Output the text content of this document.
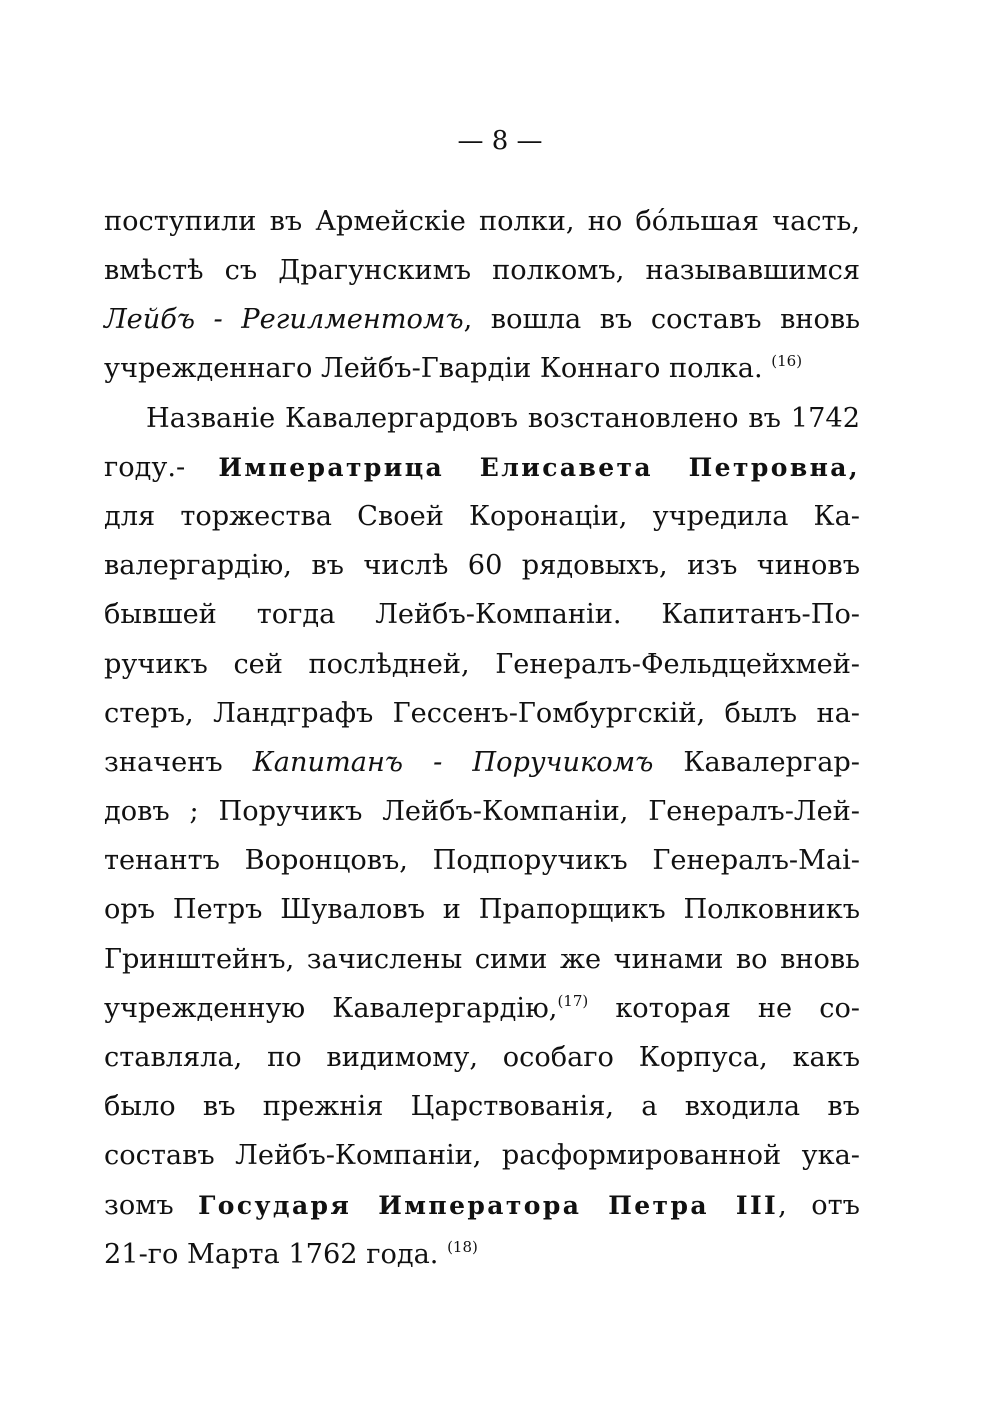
— 8 —
поступили въ Армейскіе полки, но бо́льшая часть,
вмѣстѣ съ Драгунскимъ полкомъ, называвшимся
Лейбъ - Регилментомъ, вошла въ составъ вновь
учрежденнаго Лейбъ-Гвардіи Коннаго полка. $^{(16)}$
Названіе Кавалергардовъ возстановлено въ 1742
году.- Императрица Елисавета Петровна,
для торжества Своей Коронаціи, учредила Ка-
валергардію, въ числѣ 60 рядовыхъ, изъ чиновъ
бывшей тогда Лейбъ-Компаніи. Капитанъ-По-
ручикъ сей послѣдней, Генералъ-Фельдцейхмей-
стеръ, Ландграфъ Гессенъ-Гомбургскій, былъ на-
значенъ Капитанъ - Поручикомъ Кавалергар-
довъ ; Поручикъ Лейбъ-Компаніи, Генералъ-Лей-
тенантъ Воронцовъ, Подпоручикъ Генералъ-Маі-
оръ Петръ Шуваловъ и Прапорщикъ Полковникъ
Гринштейнъ, зачислены сими же чинами во вновь
учрежденную Кавалергардію,$^{(17)}$ которая не со-
ставляла, по видимому, особаго Корпуса, какъ
было въ прежнія Царствованія, а входила въ
составъ Лейбъ-Компаніи, расформированной ука-
зомъ Государя Императора Петра III, отъ
21-го Марта 1762 года. $^{(18)}$
